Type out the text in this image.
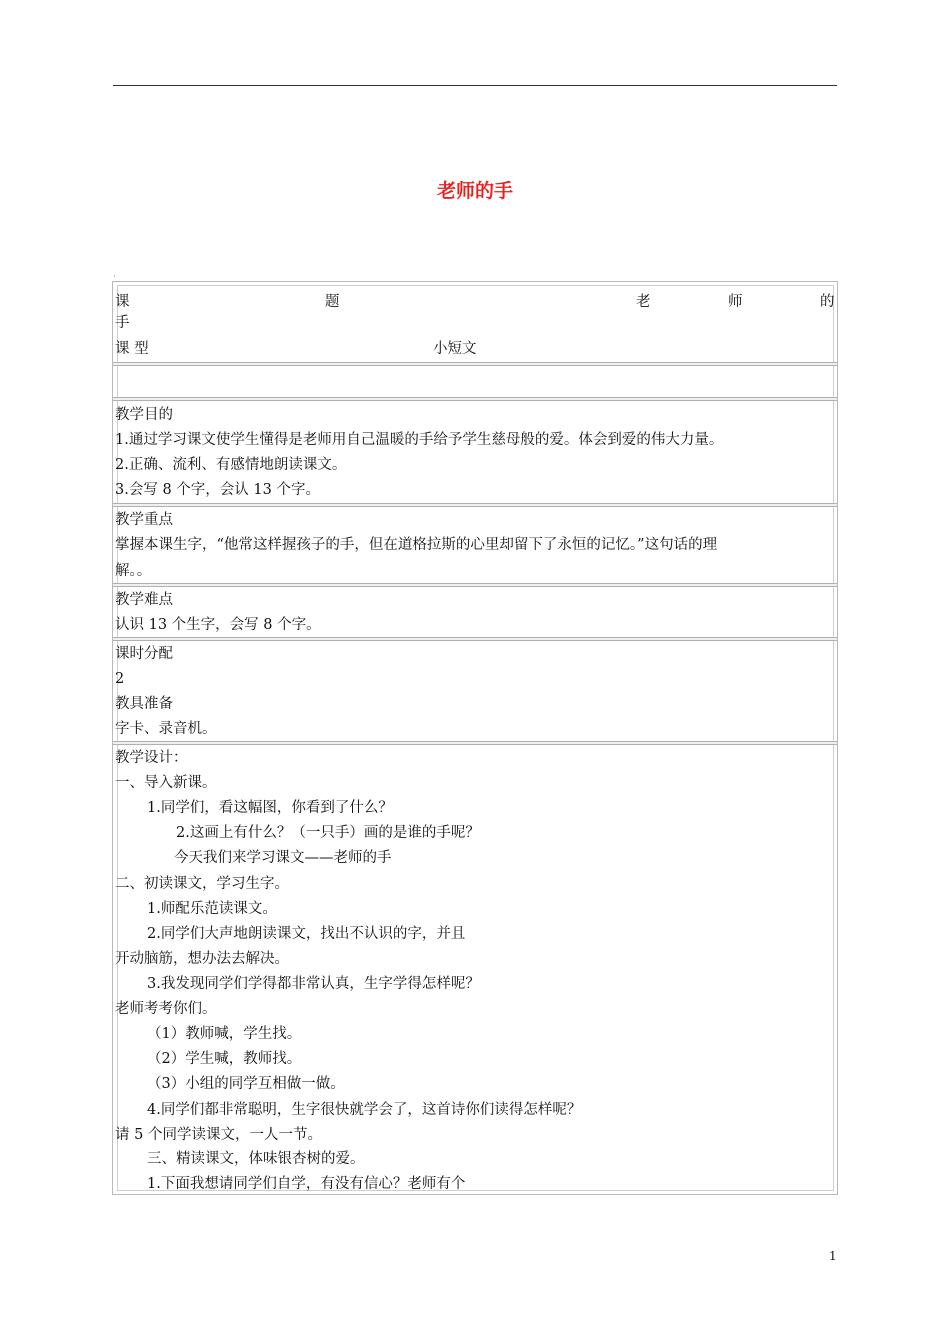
老师的手
·
课	题	老	师	的
手
课 型	小短文
教学目的
1.通过学习课文使学生懂得是老师用自己温暖的手给予学生慈母般的爱。体会到爱的伟大力量。
2.正确、流利、有感情地朗读课文。
3.会写 8 个字，会认 13 个字。
教学重点
掌握本课生字，“他常这样握孩子的手，但在道格拉斯的心里却留下了永恒的记忆。”这句话的理
解。。
教学难点
认识 13 个生字，会写 8 个字。
课时分配
2
教具准备
字卡、录音机。
教学设计：
一、导入新课。
1.同学们，看这幅图，你看到了什么？
2.这画上有什么？（一只手）画的是谁的手呢？
今天我们来学习课文——老师的手
二、初读课文，学习生字。
1.师配乐范读课文。
2.同学们大声地朗读课文，找出不认识的字，并且
开动脑筋，想办法去解决。
3.我发现同学们学得都非常认真，生字学得怎样呢？
老师考考你们。
（1）教师喊，学生找。
（2）学生喊，教师找。
（3）小组的同学互相做一做。
4.同学们都非常聪明，生字很快就学会了，这首诗你们读得怎样呢？
请 5 个同学读课文，一人一节。
三、精读课文，体味银杏树的爱。
1.下面我想请同学们自学，有没有信心？老师有个
1
